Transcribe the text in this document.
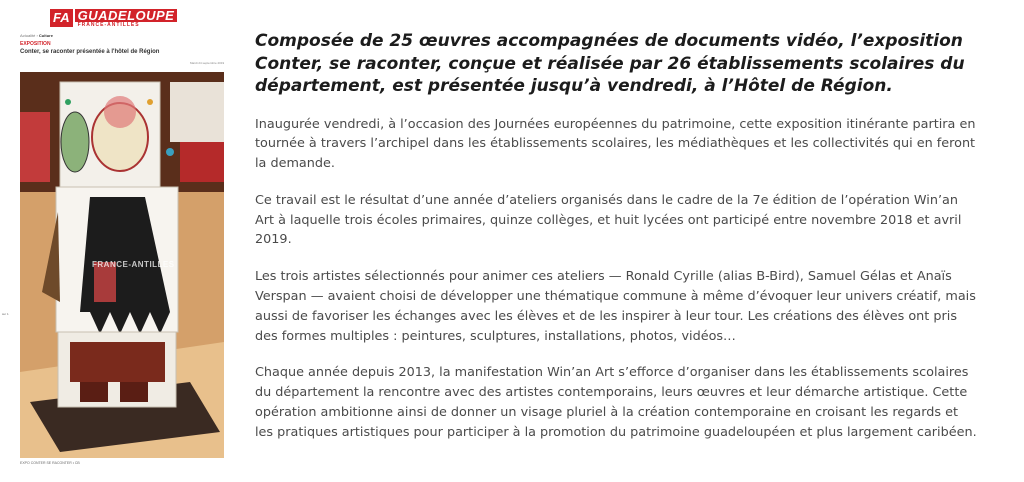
FA GUADELOUPE
FRANCE-ANTILLES
Actualité › Culture
EXPOSITION
Conter, se raconter présentée à l'hôtel de Région
Mardi 24 septembre 2019
sur 1
FRANCE-ANTILLES
EXPO CONTER SE RACONTER • CB

Composée de 25 œuvres accompagnées de documents vidéo, l’exposition Conter, se raconter, conçue et réalisée par 26 établissements scolaires du département, est présentée jusqu’à vendredi, à l’Hôtel de Région.

Inaugurée vendredi, à l’occasion des Journées européennes du patrimoine, cette exposition itinérante partira en tournée à travers l’archipel dans les établissements scolaires, les médiathèques et les collectivités qui en feront la demande.

Ce travail est le résultat d’une année d’ateliers organisés dans le cadre de la 7e édition de l’opération Win’an Art à laquelle trois écoles primaires, quinze collèges, et huit lycées ont participé entre novembre 2018 et avril 2019.

Les trois artistes sélectionnés pour animer ces ateliers — Ronald Cyrille (alias B-Bird), Samuel Gélas et Anaïs Verspan — avaient choisi de développer une thématique commune à même d’évoquer leur univers créatif, mais aussi de favoriser les échanges avec les élèves et de les inspirer à leur tour. Les créations des élèves ont pris des formes multiples : peintures, sculptures, installations, photos, vidéos…

Chaque année depuis 2013, la manifestation Win’an Art s’efforce d’organiser dans les établissements scolaires du département la rencontre avec des artistes contemporains, leurs œuvres et leur démarche artistique. Cette opération ambitionne ainsi de donner un visage pluriel à la création contemporaine en croisant les regards et les pratiques artistiques pour participer à la promotion du patrimoine guadeloupéen et plus largement caribéen.
